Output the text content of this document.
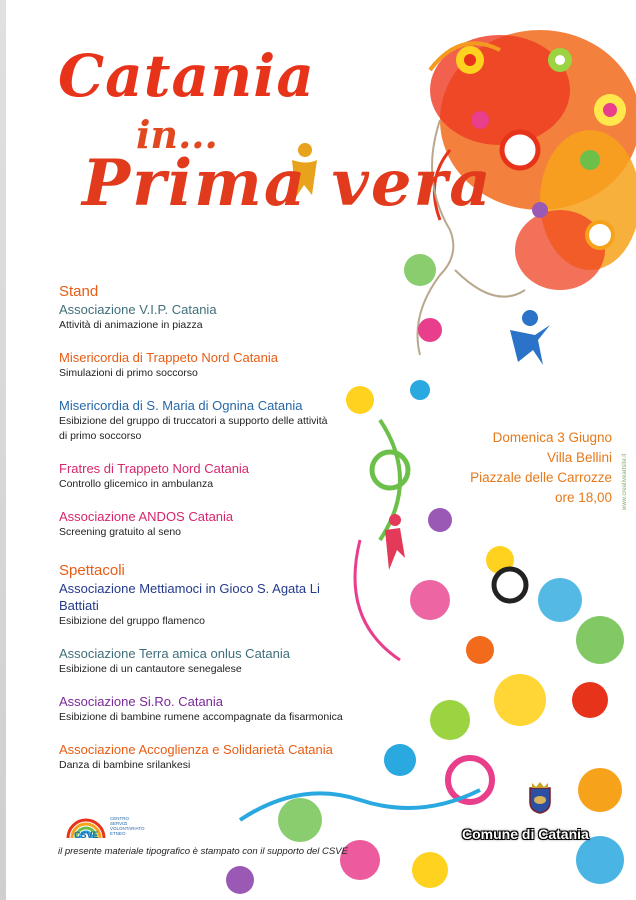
Catania
in...
Prima vera

Stand

Associazione V.I.P. Catania
Attività di animazione in piazza
Misericordia di Trappeto Nord Catania
Simulazioni di primo soccorso
Misericordia di S. Maria di Ognina Catania
Esibizione del gruppo di truccatori a supporto delle attività
di primo soccorso
Fratres di Trappeto Nord Catania
Controllo glicemico in ambulanza
Associazione ANDOS Catania
Screening gratuito al seno

Spettacoli

Associazione Mettiamoci in Gioco S. Agata Li Battiati
Esibizione del gruppo flamenco
Associazione Terra amica onlus Catania
Esibizione di un cantautore senegalese
Associazione Si.Ro. Catania
Esibizione di bambine rumene accompagnate da fisarmonica
Associazione Accoglienza e Solidarietà Catania
Danza di bambine srilankesi
Domenica 3 Giugno
Villa Bellini
Piazzale delle Carrozze
ore 18,00
CSVE
CENTRO
SERVIZI
VOLONTARIATO
ETNEO
il presente materiale tipografico è stampato con il supporto del CSVE
Comune di Catania
www.creativeartsite.it
